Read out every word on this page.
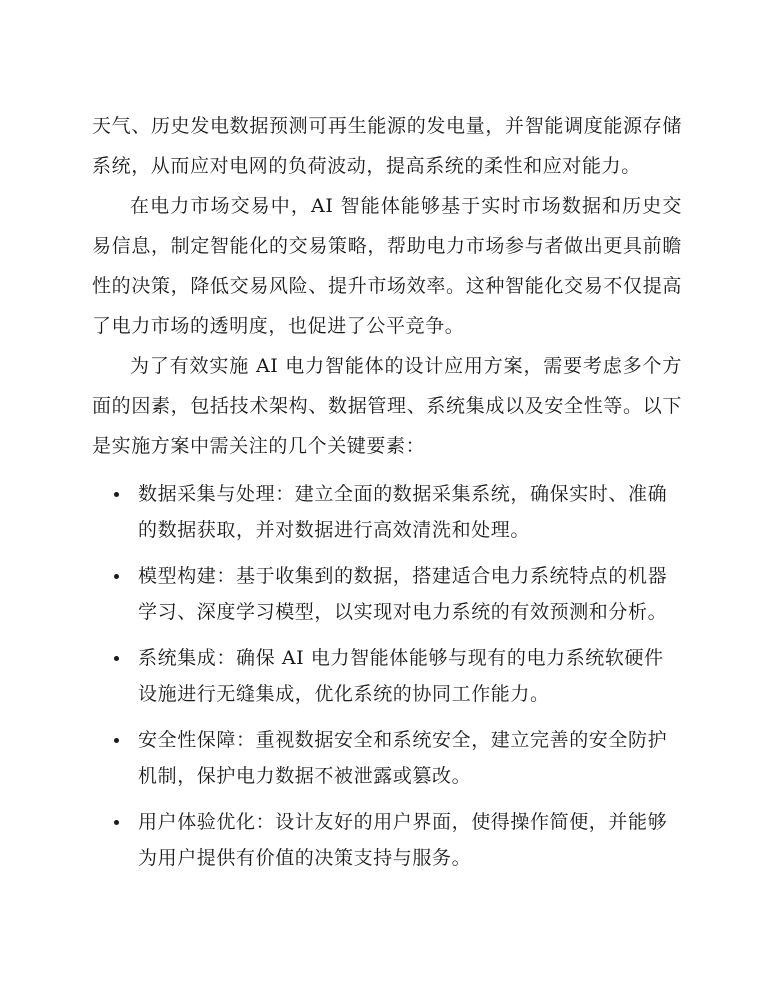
天气、历史发电数据预测可再生能源的发电量，并智能调度能源存储系统，从而应对电网的负荷波动，提高系统的柔性和应对能力。

在电力市场交易中，AI 智能体能够基于实时市场数据和历史交易信息，制定智能化的交易策略，帮助电力市场参与者做出更具前瞻性的决策，降低交易风险、提升市场效率。这种智能化交易不仅提高了电力市场的透明度，也促进了公平竞争。

为了有效实施 AI 电力智能体的设计应用方案，需要考虑多个方面的因素，包括技术架构、数据管理、系统集成以及安全性等。以下是实施方案中需关注的几个关键要素：

数据采集与处理：建立全面的数据采集系统，确保实时、准确的数据获取，并对数据进行高效清洗和处理。
模型构建：基于收集到的数据，搭建适合电力系统特点的机器学习、深度学习模型，以实现对电力系统的有效预测和分析。
系统集成：确保 AI 电力智能体能够与现有的电力系统软硬件设施进行无缝集成，优化系统的协同工作能力。
安全性保障：重视数据安全和系统安全，建立完善的安全防护机制，保护电力数据不被泄露或篡改。
用户体验优化：设计友好的用户界面，使得操作简便，并能够为用户提供有价值的决策支持与服务。
